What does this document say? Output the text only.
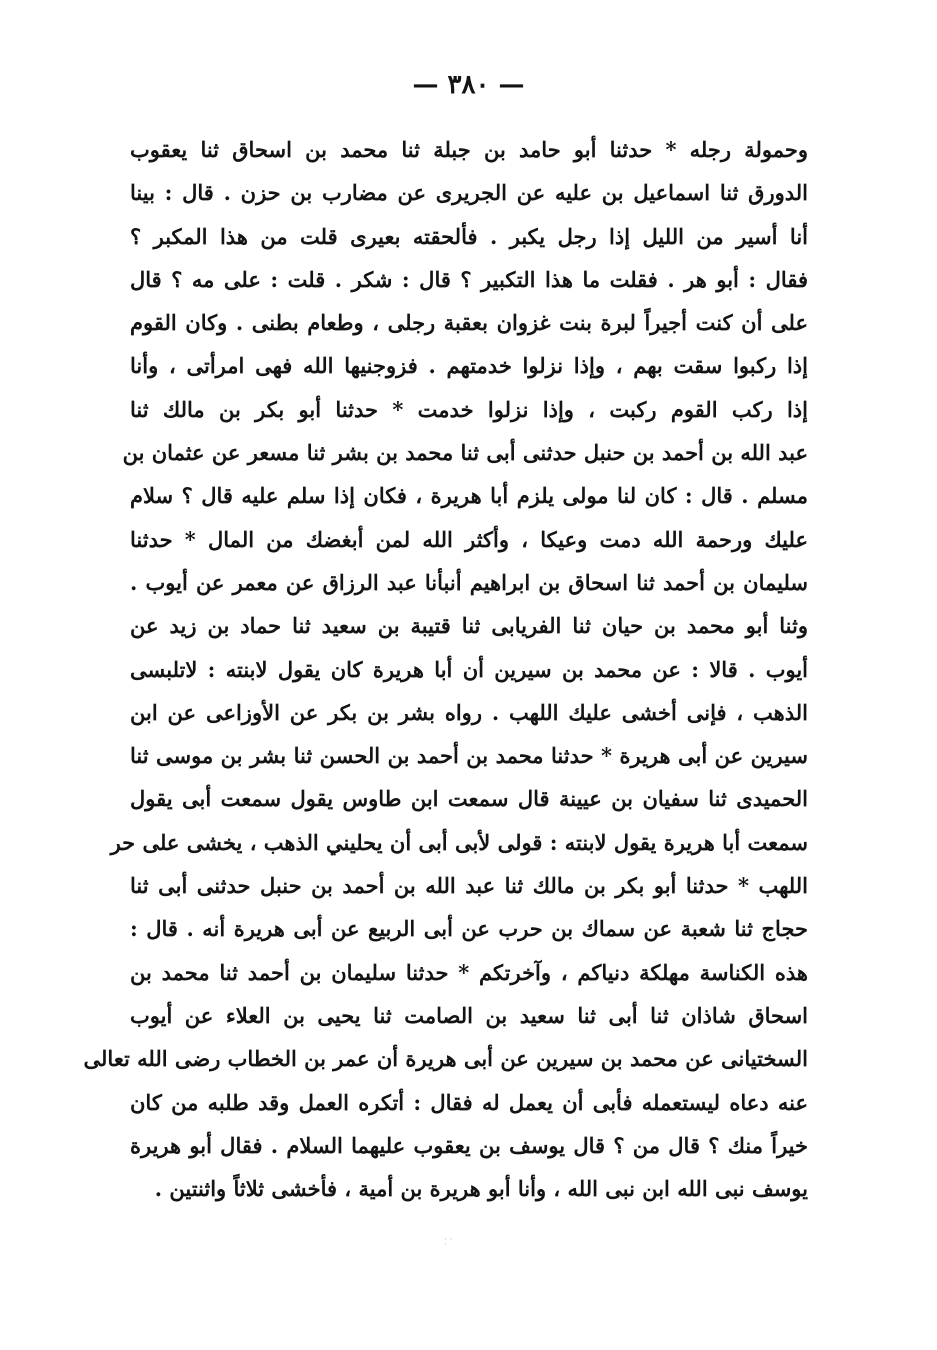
— ٣٨٠ —
وحمولة رجله * حدثنا أبو حامد بن جبلة ثنا محمد بن اسحاق ثنا يعقوب
الدورق ثنا اسماعيل بن عليه عن الجريرى عن مضارب بن حزن . قال : بينا
أنا أسير من الليل إذا رجل يكبر . فألحقته بعيرى قلت من هذا المكبر ؟
فقال : أبو هر . فقلت ما هذا التكبير ؟ قال : شكر . قلت : على مه ؟ قال
على أن كنت أجيراً لبرة بنت غزوان بعقبة رجلى ، وطعام بطنى . وكان القوم
إذا ركبوا سقت بهم ، وإذا نزلوا خدمتهم . فزوجنيها الله فهى امرأتى ، وأنا
إذا ركب القوم ركبت ، وإذا نزلوا خدمت * حدثنا أبو بكر بن مالك ثنا
عبد الله بن أحمد بن حنبل حدثنى أبى ثنا محمد بن بشر ثنا مسعر عن عثمان بن
مسلم . قال : كان لنا مولى يلزم أبا هريرة ، فكان إذا سلم عليه قال ؟ سلام
عليك ورحمة الله دمت وعيكا ، وأكثر الله لمن أبغضك من المال * حدثنا
سليمان بن أحمد ثنا اسحاق بن ابراهيم أنبأنا عبد الرزاق عن معمر عن أيوب .
وثنا أبو محمد بن حيان ثنا الفريابى ثنا قتيبة بن سعيد ثنا حماد بن زيد عن
أيوب . قالا : عن محمد بن سيرين أن أبا هريرة كان يقول لابنته : لاتلبسى
الذهب ، فإنى أخشى عليك اللهب . رواه بشر بن بكر عن الأوزاعى عن ابن
سيرين عن أبى هريرة * حدثنا محمد بن أحمد بن الحسن ثنا بشر بن موسى ثنا
الحميدى ثنا سفيان بن عيينة قال سمعت ابن طاوس يقول سمعت أبى يقول
سمعت أبا هريرة يقول لابنته : قولى لأبى أبى أن يحليني الذهب ، يخشى على حر
اللهب * حدثنا أبو بكر بن مالك ثنا عبد الله بن أحمد بن حنبل حدثنى أبى ثنا
حجاج ثنا شعبة عن سماك بن حرب عن أبى الربيع عن أبى هريرة أنه . قال :
هذه الكناسة مهلكة دنياكم ، وآخرتكم * حدثنا سليمان بن أحمد ثنا محمد بن
اسحاق شاذان ثنا أبى ثنا سعيد بن الصامت ثنا يحيى بن العلاء عن أيوب
السختيانى عن محمد بن سيرين عن أبى هريرة أن عمر بن الخطاب رضى الله تعالى
عنه دعاه ليستعمله فأبى أن يعمل له فقال : أتكره العمل وقد طلبه من كان
خيراً منك ؟ قال من ؟ قال يوسف بن يعقوب عليهما السلام . فقال أبو هريرة
يوسف نبى الله ابن نبى الله ، وأنا أبو هريرة بن أمية ، فأخشى ثلاثاً واثنتين .
· · ·
